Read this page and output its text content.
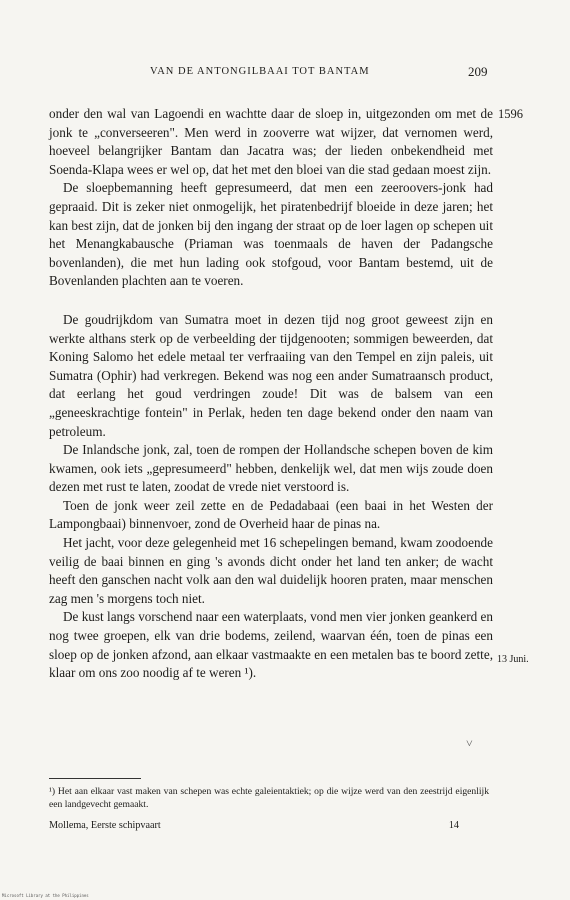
VAN DE ANTONGILBAAI TOT BANTAM	209

onder den wal van Lagoendi en wachtte daar de sloep in, uitgezonden om met de jonk te „converseeren". Men werd in zooverre wat wijzer, dat vernomen werd, hoeveel belangrijker Bantam dan Jacatra was; der lieden onbekendheid met Soenda-Klapa wees er wel op, dat het met den bloei van die stad gedaan moest zijn.

De sloepbemanning heeft gepresumeerd, dat men een zeeroovers-jonk had gepraaid. Dit is zeker niet onmogelijk, het piratenbedrijf bloeide in deze jaren; het kan best zijn, dat de jonken bij den ingang der straat op de loer lagen op schepen uit het Menangkabausche (Priaman was toenmaals de haven der Padangsche bovenlanden), die met hun lading ook stofgoud, voor Bantam bestemd, uit de Bovenlanden plachten aan te voeren.

De goudrijkdom van Sumatra moet in dezen tijd nog groot geweest zijn en werkte althans sterk op de verbeelding der tijdgenooten; sommigen beweerden, dat Koning Salomo het edele metaal ter verfraaiing van den Tempel en zijn paleis, uit Sumatra (Ophir) had verkregen. Bekend was nog een ander Sumatraansch product, dat eerlang het goud verdringen zoude! Dit was de balsem van een „geneeskrachtige fontein" in Perlak, heden ten dage bekend onder den naam van petroleum.

De Inlandsche jonk, zal, toen de rompen der Hollandsche schepen boven de kim kwamen, ook iets „gepresumeerd" hebben, denkelijk wel, dat men wijs zoude doen dezen met rust te laten, zoodat de vrede niet verstoord is.

Toen de jonk weer zeil zette en de Pedadabaai (een baai in het Westen der Lampongbaai) binnenvoer, zond de Overheid haar de pinas na.

Het jacht, voor deze gelegenheid met 16 schepelingen bemand, kwam zoodoende veilig de baai binnen en ging 's avonds dicht onder het land ten anker; de wacht heeft den ganschen nacht volk aan den wal duidelijk hooren praten, maar menschen zag men 's morgens toch niet.

De kust langs vorschend naar een waterplaats, vond men vier jonken geankerd en nog twee groepen, elk van drie bodems, zeilend, waarvan één, toen de pinas een sloep op de jonken afzond, aan elkaar vastmaakte en een metalen bas te boord zette, klaar om ons zoo noodig af te weren ¹).

1596
13 Juni.
˅
¹) Het aan elkaar vast maken van schepen was echte galeientaktiek; op die wijze werd van den zeestrijd eigenlijk een landgevecht gemaakt.
Mollema, Eerste schipvaart	14
Microsoft Library at the Philippines
